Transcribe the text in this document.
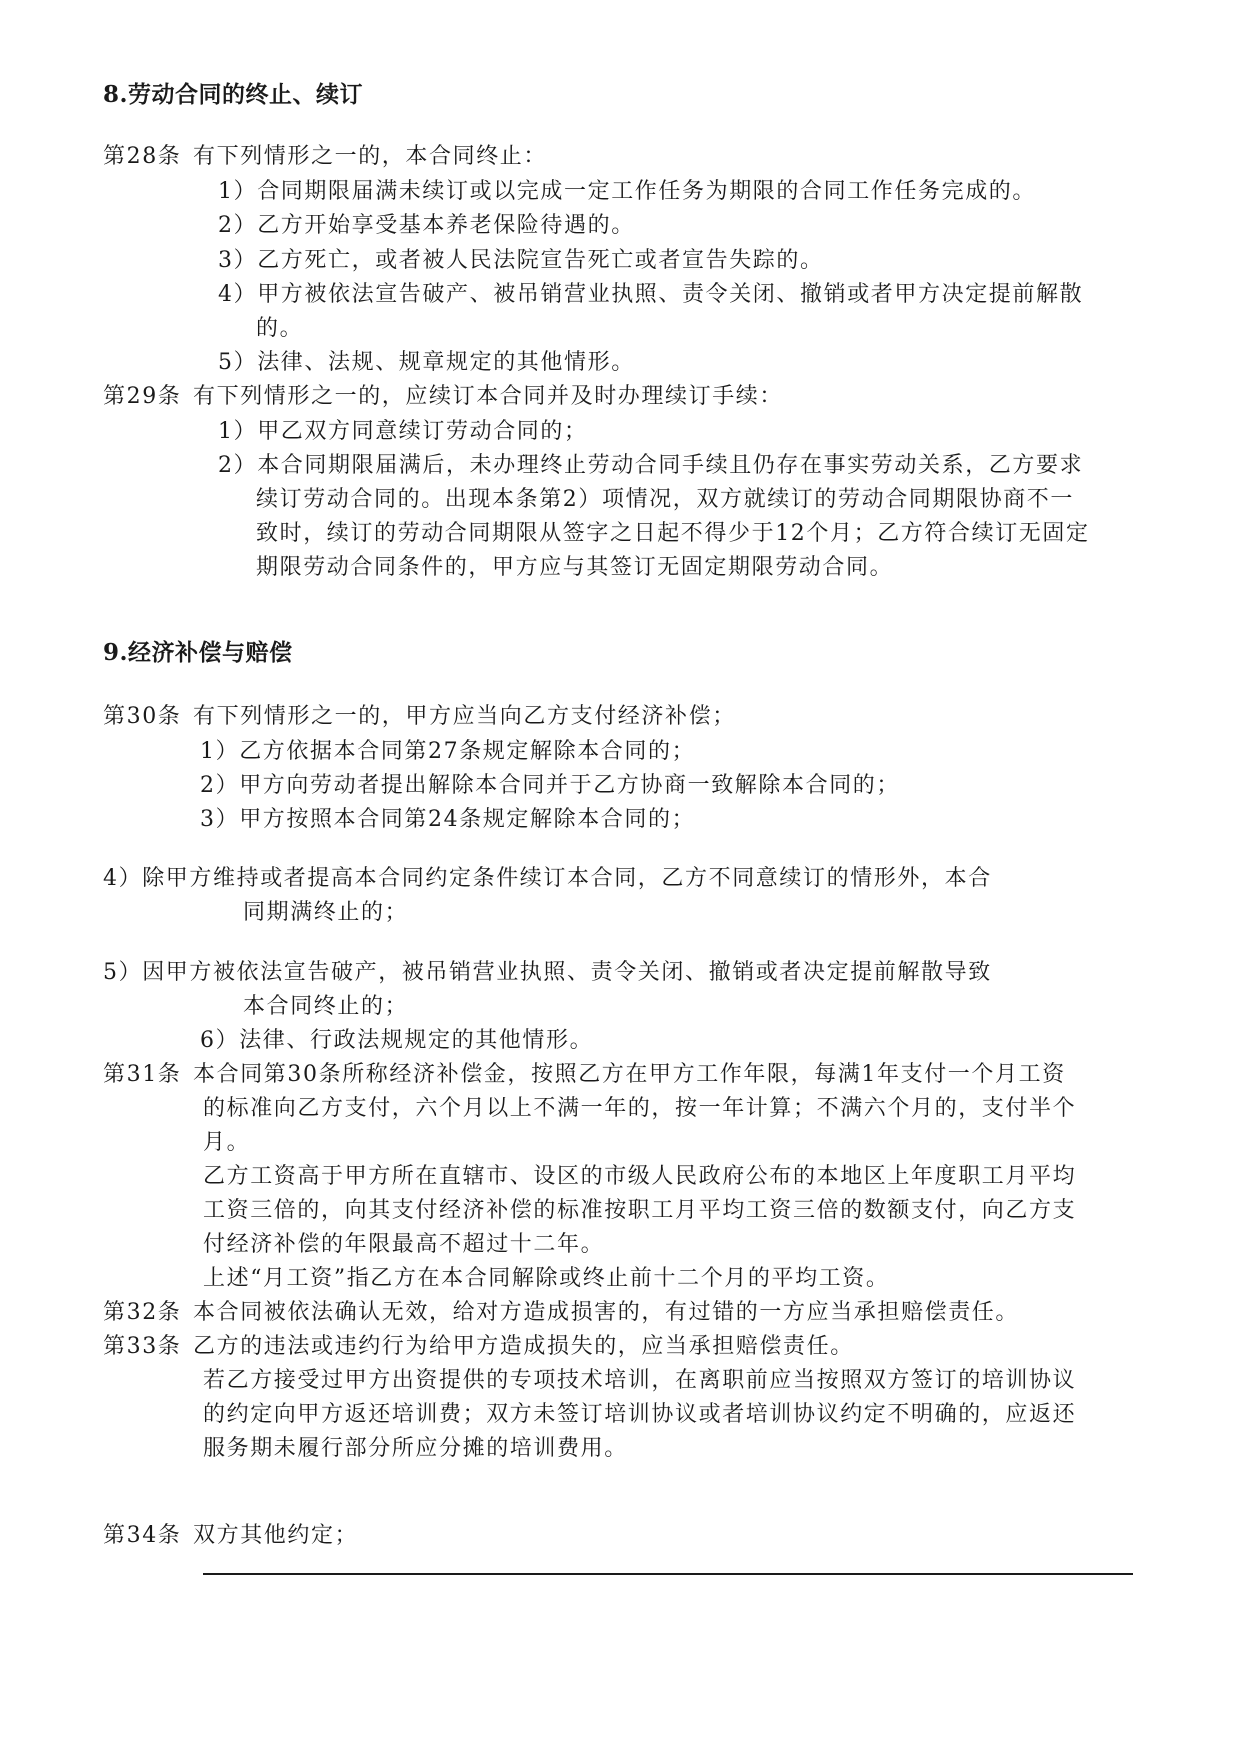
8.劳动合同的终止、续订
第28条 有下列情形之一的，本合同终止：
1）合同期限届满未续订或以完成一定工作任务为期限的合同工作任务完成的。
2）乙方开始享受基本养老保险待遇的。
3）乙方死亡，或者被人民法院宣告死亡或者宣告失踪的。
4）甲方被依法宣告破产、被吊销营业执照、责令关闭、撤销或者甲方决定提前解散
的。
5）法律、法规、规章规定的其他情形。
第29条 有下列情形之一的，应续订本合同并及时办理续订手续：
1）甲乙双方同意续订劳动合同的；
2）本合同期限届满后，未办理终止劳动合同手续且仍存在事实劳动关系，乙方要求
续订劳动合同的。出现本条第2）项情况，双方就续订的劳动合同期限协商不一
致时，续订的劳动合同期限从签字之日起不得少于12个月；乙方符合续订无固定
期限劳动合同条件的，甲方应与其签订无固定期限劳动合同。
9.经济补偿与赔偿
第30条 有下列情形之一的，甲方应当向乙方支付经济补偿；
1）乙方依据本合同第27条规定解除本合同的；
2）甲方向劳动者提出解除本合同并于乙方协商一致解除本合同的；
3）甲方按照本合同第24条规定解除本合同的；
4）除甲方维持或者提高本合同约定条件续订本合同，乙方不同意续订的情形外，本合
同期满终止的；
5）因甲方被依法宣告破产，被吊销营业执照、责令关闭、撤销或者决定提前解散导致
本合同终止的；
6）法律、行政法规规定的其他情形。
第31条 本合同第30条所称经济补偿金，按照乙方在甲方工作年限，每满1年支付一个月工资
的标准向乙方支付，六个月以上不满一年的，按一年计算；不满六个月的，支付半个
月。
乙方工资高于甲方所在直辖市、设区的市级人民政府公布的本地区上年度职工月平均
工资三倍的，向其支付经济补偿的标准按职工月平均工资三倍的数额支付，向乙方支
付经济补偿的年限最高不超过十二年。
上述“月工资”指乙方在本合同解除或终止前十二个月的平均工资。
第32条 本合同被依法确认无效，给对方造成损害的，有过错的一方应当承担赔偿责任。
第33条 乙方的违法或违约行为给甲方造成损失的，应当承担赔偿责任。
若乙方接受过甲方出资提供的专项技术培训，在离职前应当按照双方签订的培训协议
的约定向甲方返还培训费；双方未签订培训协议或者培训协议约定不明确的，应返还
服务期未履行部分所应分摊的培训费用。
第34条 双方其他约定；
